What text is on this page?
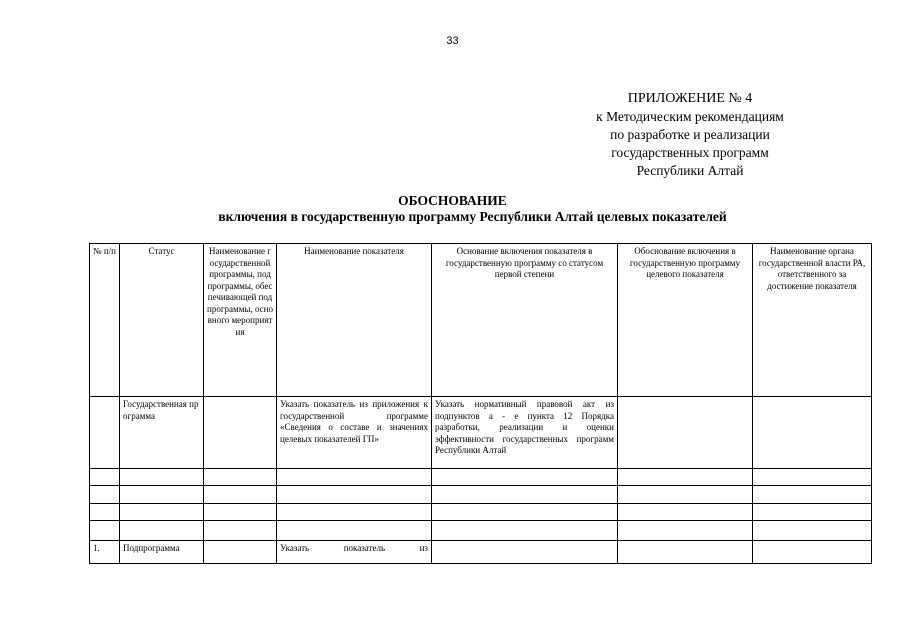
33
ПРИЛОЖЕНИЕ № 4
к Методическим рекомендациям
по разработке и реализации
государственных программ
Республики Алтай
ОБОСНОВАНИЕ
включения в государственную программу Республики Алтай целевых показателей
№ п/п	Статус	Наименование государственной программы, подпрограммы, обеспечивающей подпрограммы, основного мероприятия	Наименование показателя	Основание включения показателя в государственную программу со статусом первой степени	Обоснование включения в государственную программу целевого показателя	Наименование органа государственной власти РА, ответственного за достижение показателя
	Государственная программа		Указать показатель из приложения к государственной программе «Сведения о составе и значениях целевых показателей ГП»	Указать нормативный правовой акт из подпунктов а - е пункта 12 Порядка разработки, реализации и оценки эффективности государственных программ Республики Алтай		

1.	Подпрограмма		Указать показатель из			
